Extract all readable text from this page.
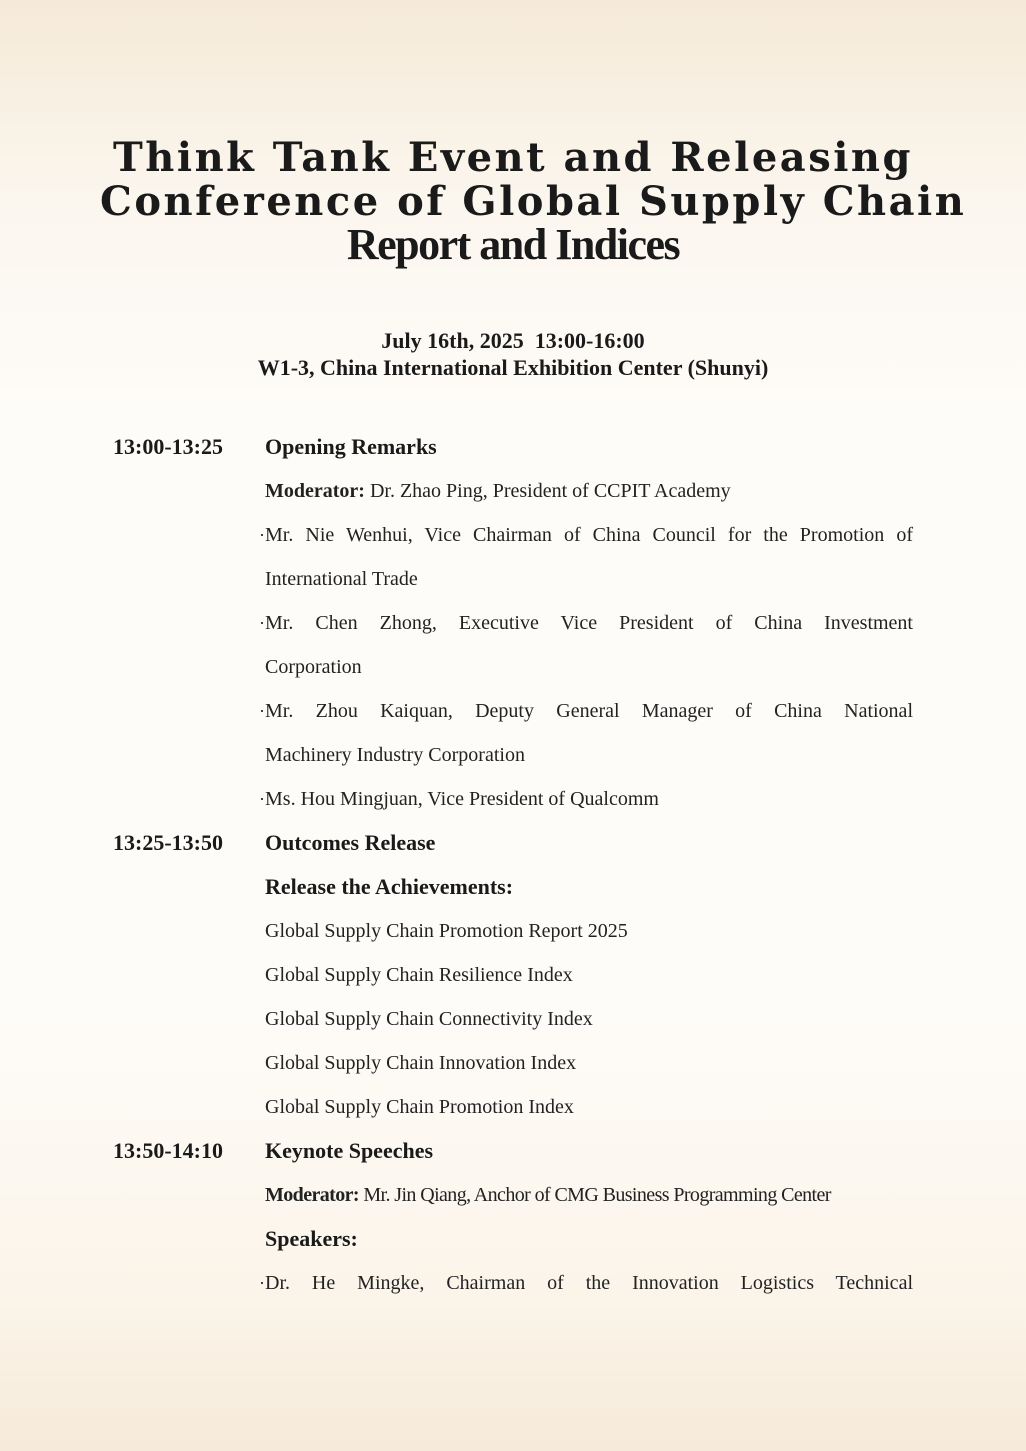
Think Tank Event and Releasing
Conference of Global Supply Chain
Report and Indices
July 16th, 2025  13:00-16:00
W1-3, China International Exhibition Center (Shunyi)
13:00-13:25 Opening Remarks
Moderator: Dr. Zhao Ping, President of CCPIT Academy
· Mr. Nie Wenhui, Vice Chairman of China Council for the Promotion of
International Trade
· Mr. Chen Zhong, Executive Vice President of China Investment
Corporation
· Mr. Zhou Kaiquan, Deputy General Manager of China National
Machinery Industry Corporation
· Ms. Hou Mingjuan, Vice President of Qualcomm
13:25-13:50 Outcomes Release
Release the Achievements:
Global Supply Chain Promotion Report 2025
Global Supply Chain Resilience Index
Global Supply Chain Connectivity Index
Global Supply Chain Innovation Index
Global Supply Chain Promotion Index
13:50-14:10 Keynote Speeches
Moderator: Mr. Jin Qiang, Anchor of CMG Business Programming Center
Speakers:
· Dr. He Mingke, Chairman of the Innovation Logistics Technical
